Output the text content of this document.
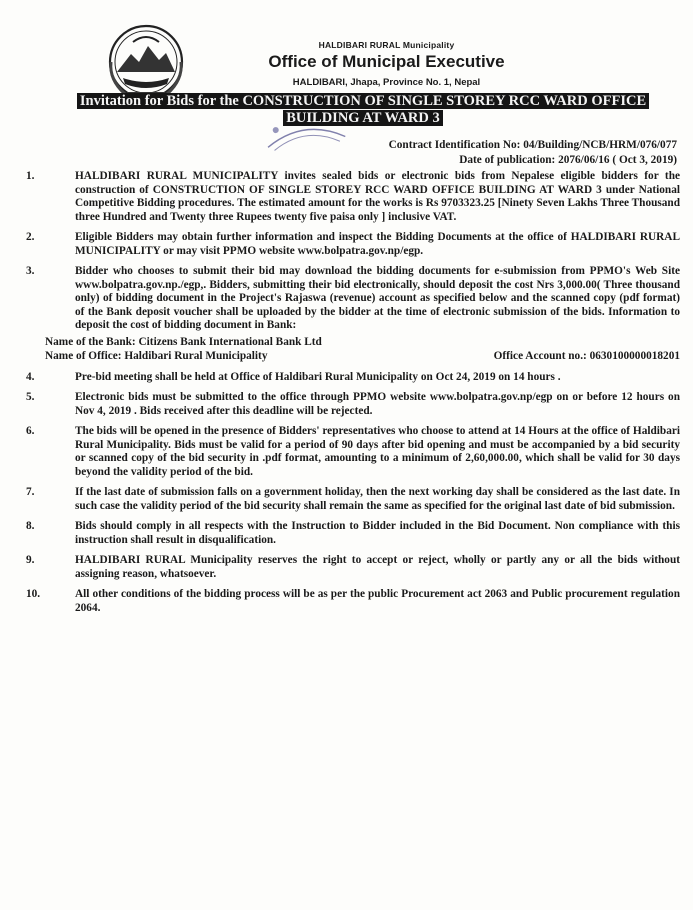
HALDIBARI RURAL Municipality
Office of Municipal Executive
HALDIBARI, Jhapa, Province No. 1, Nepal
Invitation for Bids for the CONSTRUCTION OF SINGLE STOREY RCC WARD OFFICE
BUILDING AT WARD 3
Contract Identification No: 04/Building/NCB/HRM/076/077
Date of publication: 2076/06/16 ( Oct 3, 2019)
1.	HALDIBARI RURAL MUNICIPALITY invites sealed bids or electronic bids from Nepalese eligible bidders for the construction of CONSTRUCTION OF SINGLE STOREY RCC WARD OFFICE BUILDING AT WARD 3 under National Competitive Bidding procedures. The estimated amount for the works is Rs 9703323.25 [Ninety Seven Lakhs Three Thousand three Hundred and Twenty three Rupees twenty five paisa only ] inclusive VAT.
2.	Eligible Bidders may obtain further information and inspect the Bidding Documents at the office of HALDIBARI RURAL MUNICIPALITY or may visit PPMO website www.bolpatra.gov.np/egp.
3.	Bidder who chooses to submit their bid may download the bidding documents for e-submission from PPMO's Web Site www.bolpatra.gov.np./egp,. Bidders, submitting their bid electronically, should deposit the cost Nrs 3,000.00( Three thousand only) of bidding document in the Project's Rajaswa (revenue) account as specified below and the scanned copy (pdf format) of the Bank deposit voucher shall be uploaded by the bidder at the time of electronic submission of the bids. Information to deposit the cost of bidding document in Bank:
Name of the Bank: Citizens Bank International Bank Ltd
Name of Office: Haldibari Rural Municipality	Office Account no.: 0630100000018201
4.	Pre-bid meeting shall be held at Office of Haldibari Rural Municipality on Oct 24, 2019 on 14 hours .
5.	Electronic bids must be submitted to the office through PPMO website www.bolpatra.gov.np/egp on or before 12 hours on Nov 4, 2019 . Bids received after this deadline will be rejected.
6.	The bids will be opened in the presence of Bidders' representatives who choose to attend at 14 Hours at the office of Haldibari Rural Municipality. Bids must be valid for a period of 90 days after bid opening and must be accompanied by a bid security or scanned copy of the bid security in .pdf format, amounting to a minimum of 2,60,000.00, which shall be valid for 30 days beyond the validity period of the bid.
7.	If the last date of submission falls on a government holiday, then the next working day shall be considered as the last date. In such case the validity period of the bid security shall remain the same as specified for the original last date of bid submission.
8.	Bids should comply in all respects with the Instruction to Bidder included in the Bid Document. Non compliance with this instruction shall result in disqualification.
9.	HALDIBARI RURAL Municipality reserves the right to accept or reject, wholly or partly any or all the bids without assigning reason, whatsoever.
10.	All other conditions of the bidding process will be as per the public Procurement act 2063 and Public procurement regulation 2064.
